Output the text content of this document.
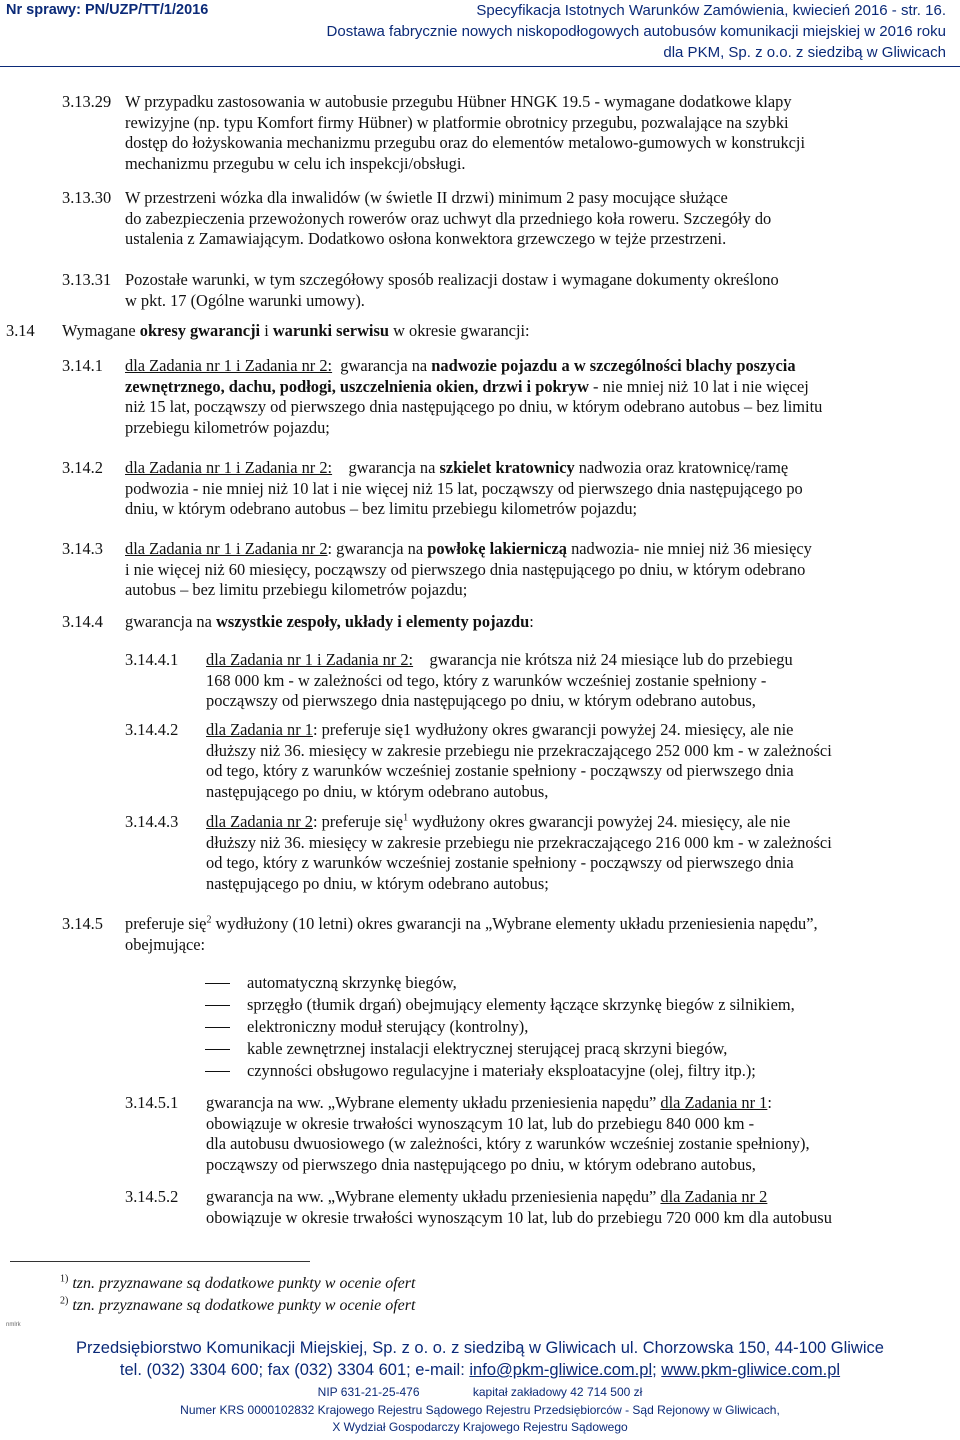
Nr sprawy: PN/UZP/TT/1/2016	Specyfikacja Istotnych Warunków Zamówienia, kwiecień 2016 - str. 16.
Dostawa fabrycznie nowych niskopodłogowych autobusów komunikacji miejskiej w 2016 roku
dla PKM, Sp. z o.o. z siedzibą w Gliwicach
3.13.29 W przypadku zastosowania w autobusie przegubu Hübner HNGK 19.5 - wymagane dodatkowe klapy
rewizyjne (np. typu Komfort firmy Hübner) w platformie obrotnicy przegubu, pozwalające na szybki
dostęp do łożyskowania mechanizmu przegubu oraz do elementów metalowo-gumowych w konstrukcji
mechanizmu przegubu w celu ich inspekcji/obsługi.
3.13.30 W przestrzeni wózka dla inwalidów (w świetle II drzwi) minimum 2 pasy mocujące służące
do zabezpieczenia przewożonych rowerów oraz uchwyt dla przedniego koła roweru. Szczegóły do
ustalenia z Zamawiającym. Dodatkowo osłona konwektora grzewczego w tejże przestrzeni.
3.13.31 Pozostałe warunki, w tym szczegółowy sposób realizacji dostaw i wymagane dokumenty określono
w pkt. 17 (Ogólne warunki umowy).
3.14 Wymagane okresy gwarancji i warunki serwisu w okresie gwarancji:
3.14.1 dla Zadania nr 1 i Zadania nr 2: gwarancja na nadwozie pojazdu a w szczególności blachy poszycia
zewnętrznego, dachu, podłogi, uszczelnienia okien, drzwi i pokryw - nie mniej niż 10 lat i nie więcej
niż 15 lat, począwszy od pierwszego dnia następującego po dniu, w którym odebrano autobus – bez limitu
przebiegu kilometrów pojazdu;
3.14.2 dla Zadania nr 1 i Zadania nr 2: gwarancja na szkielet kratownicy nadwozia oraz kratownicę/ramę
podwozia - nie mniej niż 10 lat i nie więcej niż 15 lat, począwszy od pierwszego dnia następującego po
dniu, w którym odebrano autobus – bez limitu przebiegu kilometrów pojazdu;
3.14.3 dla Zadania nr 1 i Zadania nr 2: gwarancja na powłokę lakierniczą nadwozia- nie mniej niż 36 miesięcy
i nie więcej niż 60 miesięcy, począwszy od pierwszego dnia następującego po dniu, w którym odebrano
autobus – bez limitu przebiegu kilometrów pojazdu;
3.14.4 gwarancja na wszystkie zespoły, układy i elementy pojazdu:
3.14.4.1 dla Zadania nr 1 i Zadania nr 2: gwarancja nie krótsza niż 24 miesiące lub do przebiegu
168 000 km - w zależności od tego, który z warunków wcześniej zostanie spełniony -
począwszy od pierwszego dnia następującego po dniu, w którym odebrano autobus,
3.14.4.2 dla Zadania nr 1: preferuje się1 wydłużony okres gwarancji powyżej 24. miesięcy, ale nie
dłuższy niż 36. miesięcy w zakresie przebiegu nie przekraczającego 252 000 km - w zależności
od tego, który z warunków wcześniej zostanie spełniony - począwszy od pierwszego dnia
następującego po dniu, w którym odebrano autobus,
3.14.4.3 dla Zadania nr 2: preferuje się$^1$ wydłużony okres gwarancji powyżej 24. miesięcy, ale nie
dłuższy niż 36. miesięcy w zakresie przebiegu nie przekraczającego 216 000 km - w zależności
od tego, który z warunków wcześniej zostanie spełniony - począwszy od pierwszego dnia
następującego po dniu, w którym odebrano autobus;
3.14.5 preferuje się$^2$ wydłużony (10 letni) okres gwarancji na „Wybrane elementy układu przeniesienia napędu”,
obejmujące:
automatyczną skrzynkę biegów,
sprzęgło (tłumik drgań) obejmujący elementy łączące skrzynkę biegów z silnikiem,
elektroniczny moduł sterujący (kontrolny),
kable zewnętrznej instalacji elektrycznej sterującej pracą skrzyni biegów,
czynności obsługowo regulacyjne i materiały eksploatacyjne (olej, filtry itp.);
3.14.5.1 gwarancja na ww. „Wybrane elementy układu przeniesienia napędu” dla Zadania nr 1:
obowiązuje w okresie trwałości wynoszącym 10 lat, lub do przebiegu 840 000 km -
dla autobusu dwuosiowego (w zależności, który z warunków wcześniej zostanie spełniony),
począwszy od pierwszego dnia następującego po dniu, w którym odebrano autobus,
3.14.5.2 gwarancja na ww. „Wybrane elementy układu przeniesienia napędu” dla Zadania nr 2
obowiązuje w okresie trwałości wynoszącym 10 lat, lub do przebiegu 720 000 km dla autobusu
$^{1)}$ tzn. przyznawane są dodatkowe punkty w ocenie ofert
$^{2)}$ tzn. przyznawane są dodatkowe punkty w ocenie ofert
nmlrk
Przedsiębiorstwo Komunikacji Miejskiej, Sp. z o. o. z siedzibą w Gliwicach ul. Chorzowska 150, 44-100 Gliwice
tel. (032) 3304 600; fax (032) 3304 601; e-mail: info@pkm-gliwice.com.pl; www.pkm-gliwice.com.pl
NIP 631-21-25-476	kapitał zakładowy 42 714 500 zł
Numer KRS 0000102832 Krajowego Rejestru Sądowego Rejestru Przedsiębiorców - Sąd Rejonowy w Gliwicach,
X Wydział Gospodarczy Krajowego Rejestru Sądowego
